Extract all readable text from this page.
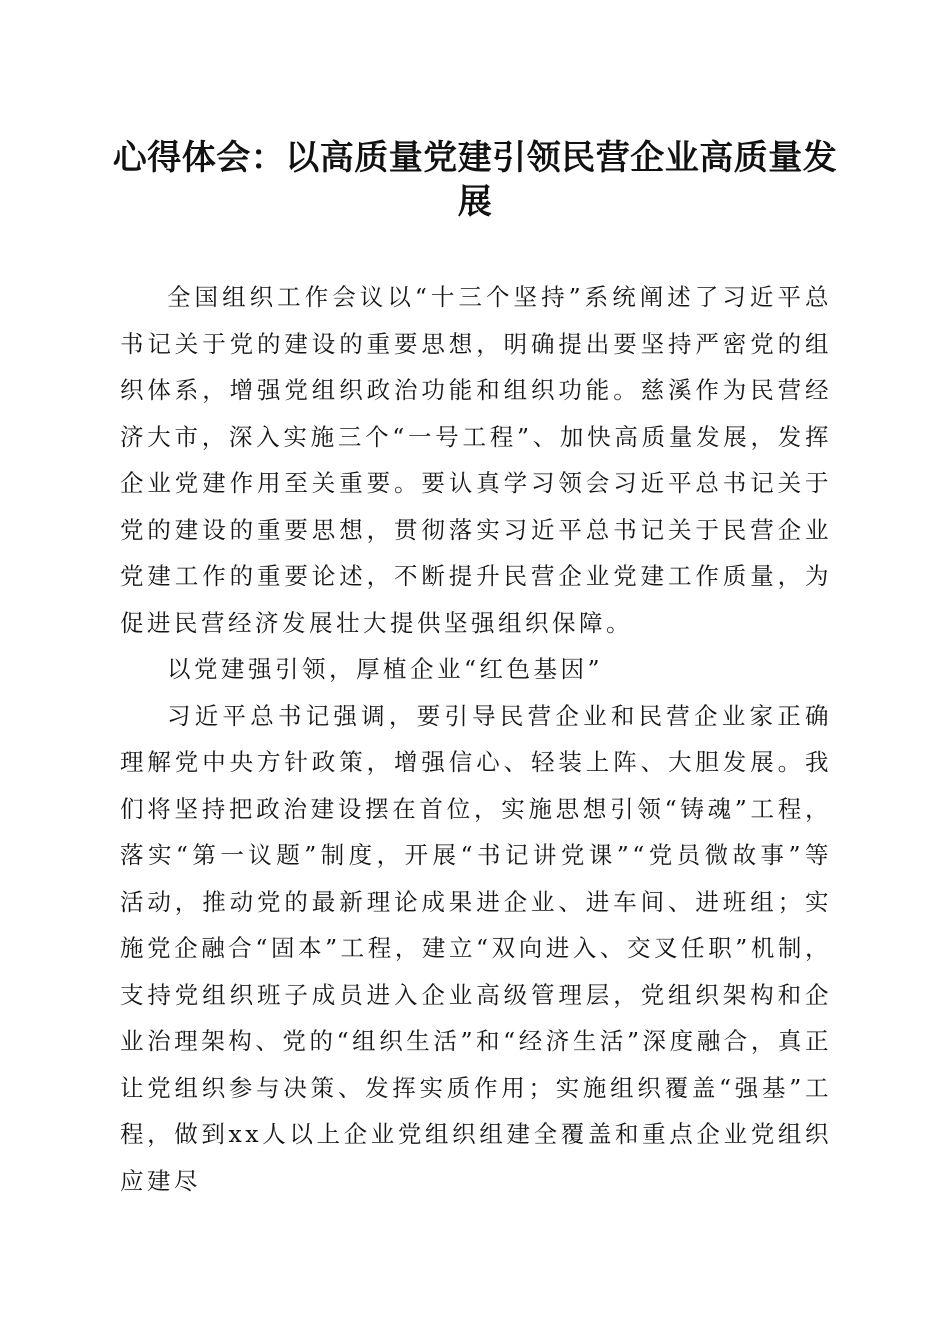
心得体会：以高质量党建引领民营企业高质量发展

全国组织工作会议以“十三个坚持”系统阐述了习近平总书记关于党的建设的重要思想，明确提出要坚持严密党的组织体系，增强党组织政治功能和组织功能。慈溪作为民营经济大市，深入实施三个“一号工程”、加快高质量发展，发挥企业党建作用至关重要。要认真学习领会习近平总书记关于党的建设的重要思想，贯彻落实习近平总书记关于民营企业党建工作的重要论述，不断提升民营企业党建工作质量，为促进民营经济发展壮大提供坚强组织保障。

以党建强引领，厚植企业“红色基因”

习近平总书记强调，要引导民营企业和民营企业家正确理解党中央方针政策，增强信心、轻装上阵、大胆发展。我们将坚持把政治建设摆在首位，实施思想引领“铸魂”工程，落实“第一议题”制度，开展“书记讲党课”“党员微故事”等活动，推动党的最新理论成果进企业、进车间、进班组；实施党企融合“固本”工程，建立“双向进入、交叉任职”机制，支持党组织班子成员进入企业高级管理层，党组织架构和企业治理架构、党的“组织生活”和“经济生活”深度融合，真正让党组织参与决策、发挥实质作用；实施组织覆盖“强基”工程，做到xx人以上企业党组织组建全覆盖和重点企业党组织应建尽
